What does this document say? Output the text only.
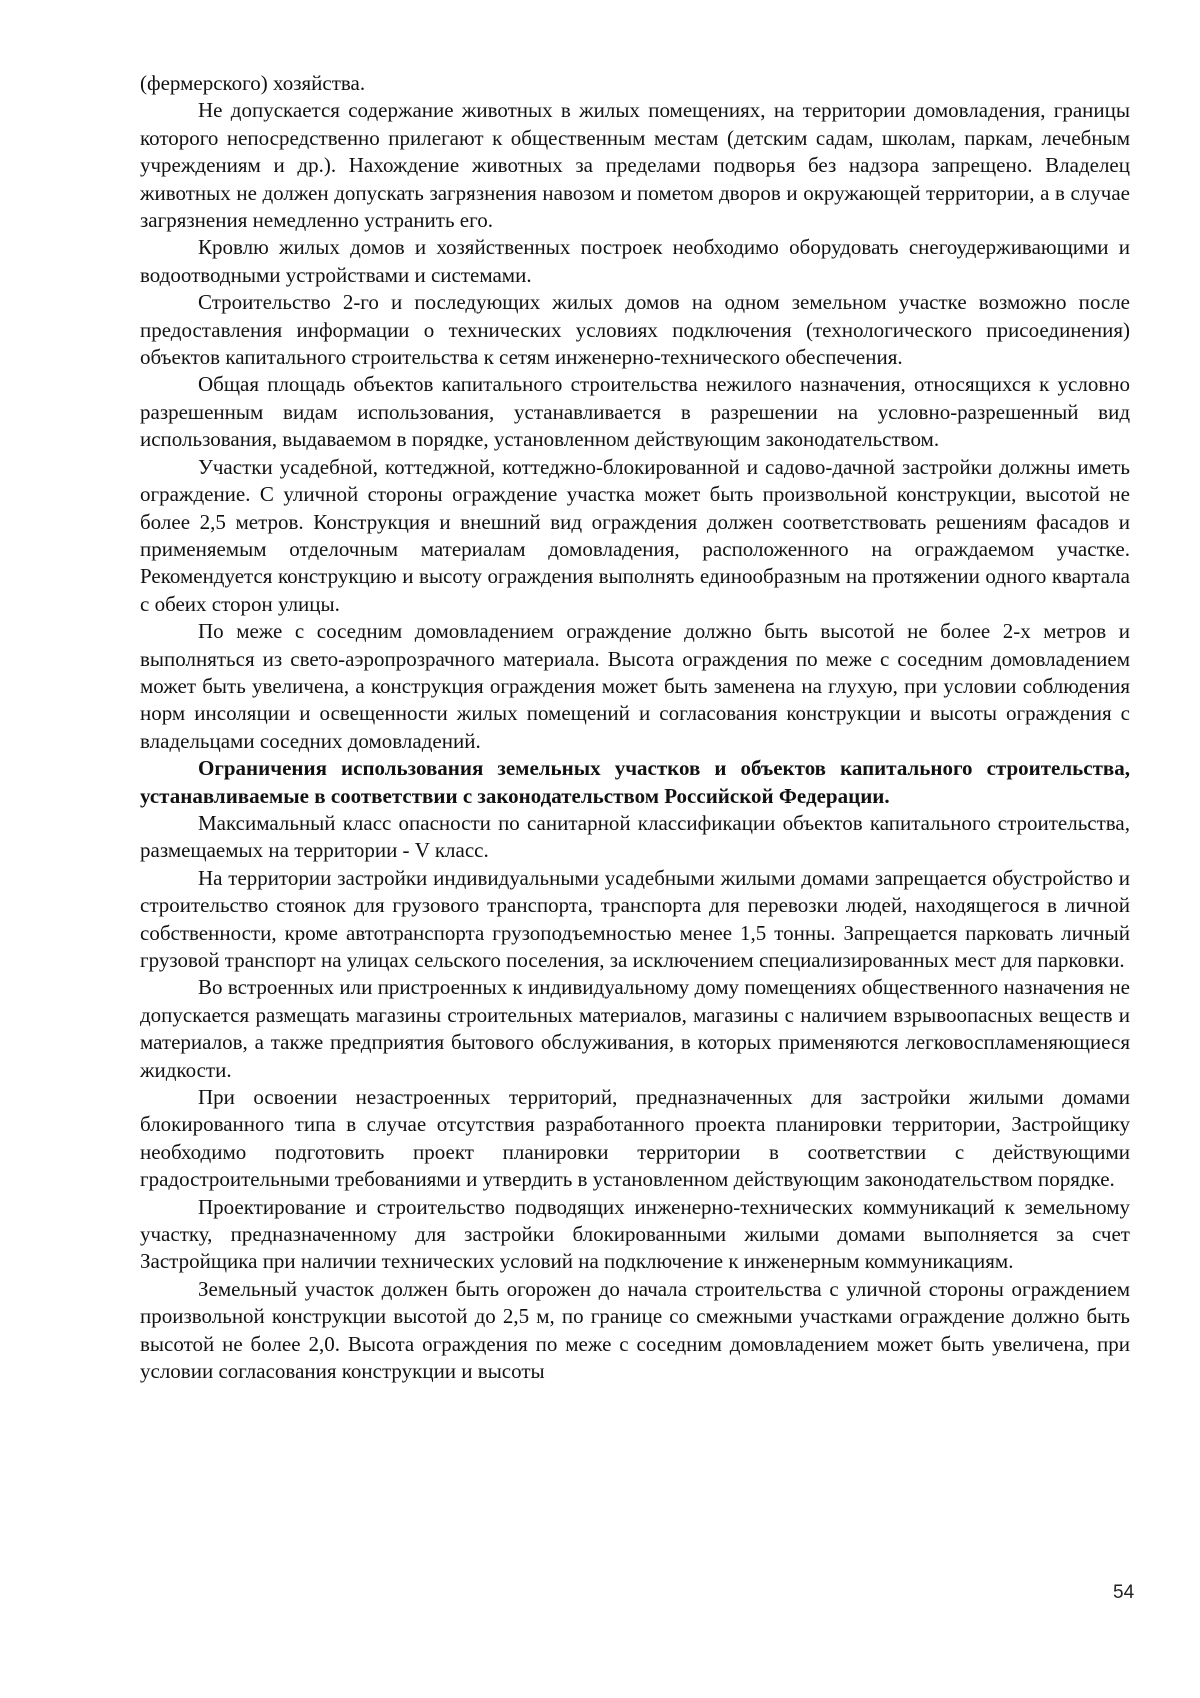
(фермерского) хозяйства.

Не допускается содержание животных в жилых помещениях, на территории домовладения, границы которого непосредственно прилегают к общественным местам (детским садам, школам, паркам, лечебным учреждениям и др.). Нахождение животных за пределами подворья без надзора запрещено. Владелец животных не должен допускать загрязнения навозом и пометом дворов и окружающей территории, а в случае загрязнения немедленно устранить его.

Кровлю жилых домов и хозяйственных построек необходимо оборудовать снегоудерживающими и водоотводными устройствами и системами.

Строительство 2-го и последующих жилых домов на одном земельном участке возможно после предоставления информации о технических условиях подключения (технологического присоединения) объектов капитального строительства к сетям инженерно-технического обеспечения.

Общая площадь объектов капитального строительства нежилого назначения, относящихся к условно разрешенным видам использования, устанавливается в разрешении на условно-разрешенный вид использования, выдаваемом в порядке, установленном действующим законодательством.

Участки усадебной, коттеджной, коттеджно-блокированной и садово-дачной застройки должны иметь ограждение. С уличной стороны ограждение участка может быть произвольной конструкции, высотой не более 2,5 метров. Конструкция и внешний вид ограждения должен соответствовать решениям фасадов и применяемым отделочным материалам домовладения, расположенного на ограждаемом участке. Рекомендуется конструкцию и высоту ограждения выполнять единообразным на протяжении одного квартала с обеих сторон улицы.

По меже с соседним домовладением ограждение должно быть высотой не более 2-х метров и выполняться из свето-аэропрозрачного материала. Высота ограждения по меже с соседним домовладением может быть увеличена, а конструкция ограждения может быть заменена на глухую, при условии соблюдения норм инсоляции и освещенности жилых помещений и согласования конструкции и высоты ограждения с владельцами соседних домовладений.

Ограничения использования земельных участков и объектов капитального строительства, устанавливаемые в соответствии с законодательством Российской Федерации.

Максимальный класс опасности по санитарной классификации объектов капитального строительства, размещаемых на территории - V класс.

На территории застройки индивидуальными усадебными жилыми домами запрещается обустройство и строительство стоянок для грузового транспорта, транспорта для перевозки людей, находящегося в личной собственности, кроме автотранспорта грузоподъемностью менее 1,5 тонны. Запрещается парковать личный грузовой транспорт на улицах сельского поселения, за исключением специализированных мест для парковки.

Во встроенных или пристроенных к индивидуальному дому помещениях общественного назначения не допускается размещать магазины строительных материалов, магазины с наличием взрывоопасных веществ и материалов, а также предприятия бытового обслуживания, в которых применяются легковоспламеняющиеся жидкости.

При освоении незастроенных территорий, предназначенных для застройки жилыми домами блокированного типа в случае отсутствия разработанного проекта планировки территории, Застройщику необходимо подготовить проект планировки территории в соответствии с действующими градостроительными требованиями и утвердить в установленном действующим законодательством порядке.

Проектирование и строительство подводящих инженерно-технических коммуникаций к земельному участку, предназначенному для застройки блокированными жилыми домами выполняется за счет Застройщика при наличии технических условий на подключение к инженерным коммуникациям.

Земельный участок должен быть огорожен до начала строительства с уличной стороны ограждением произвольной конструкции высотой до 2,5 м, по границе со смежными участками ограждение должно быть высотой не более 2,0. Высота ограждения по меже с соседним домовладением может быть увеличена, при условии согласования конструкции и высоты

54
